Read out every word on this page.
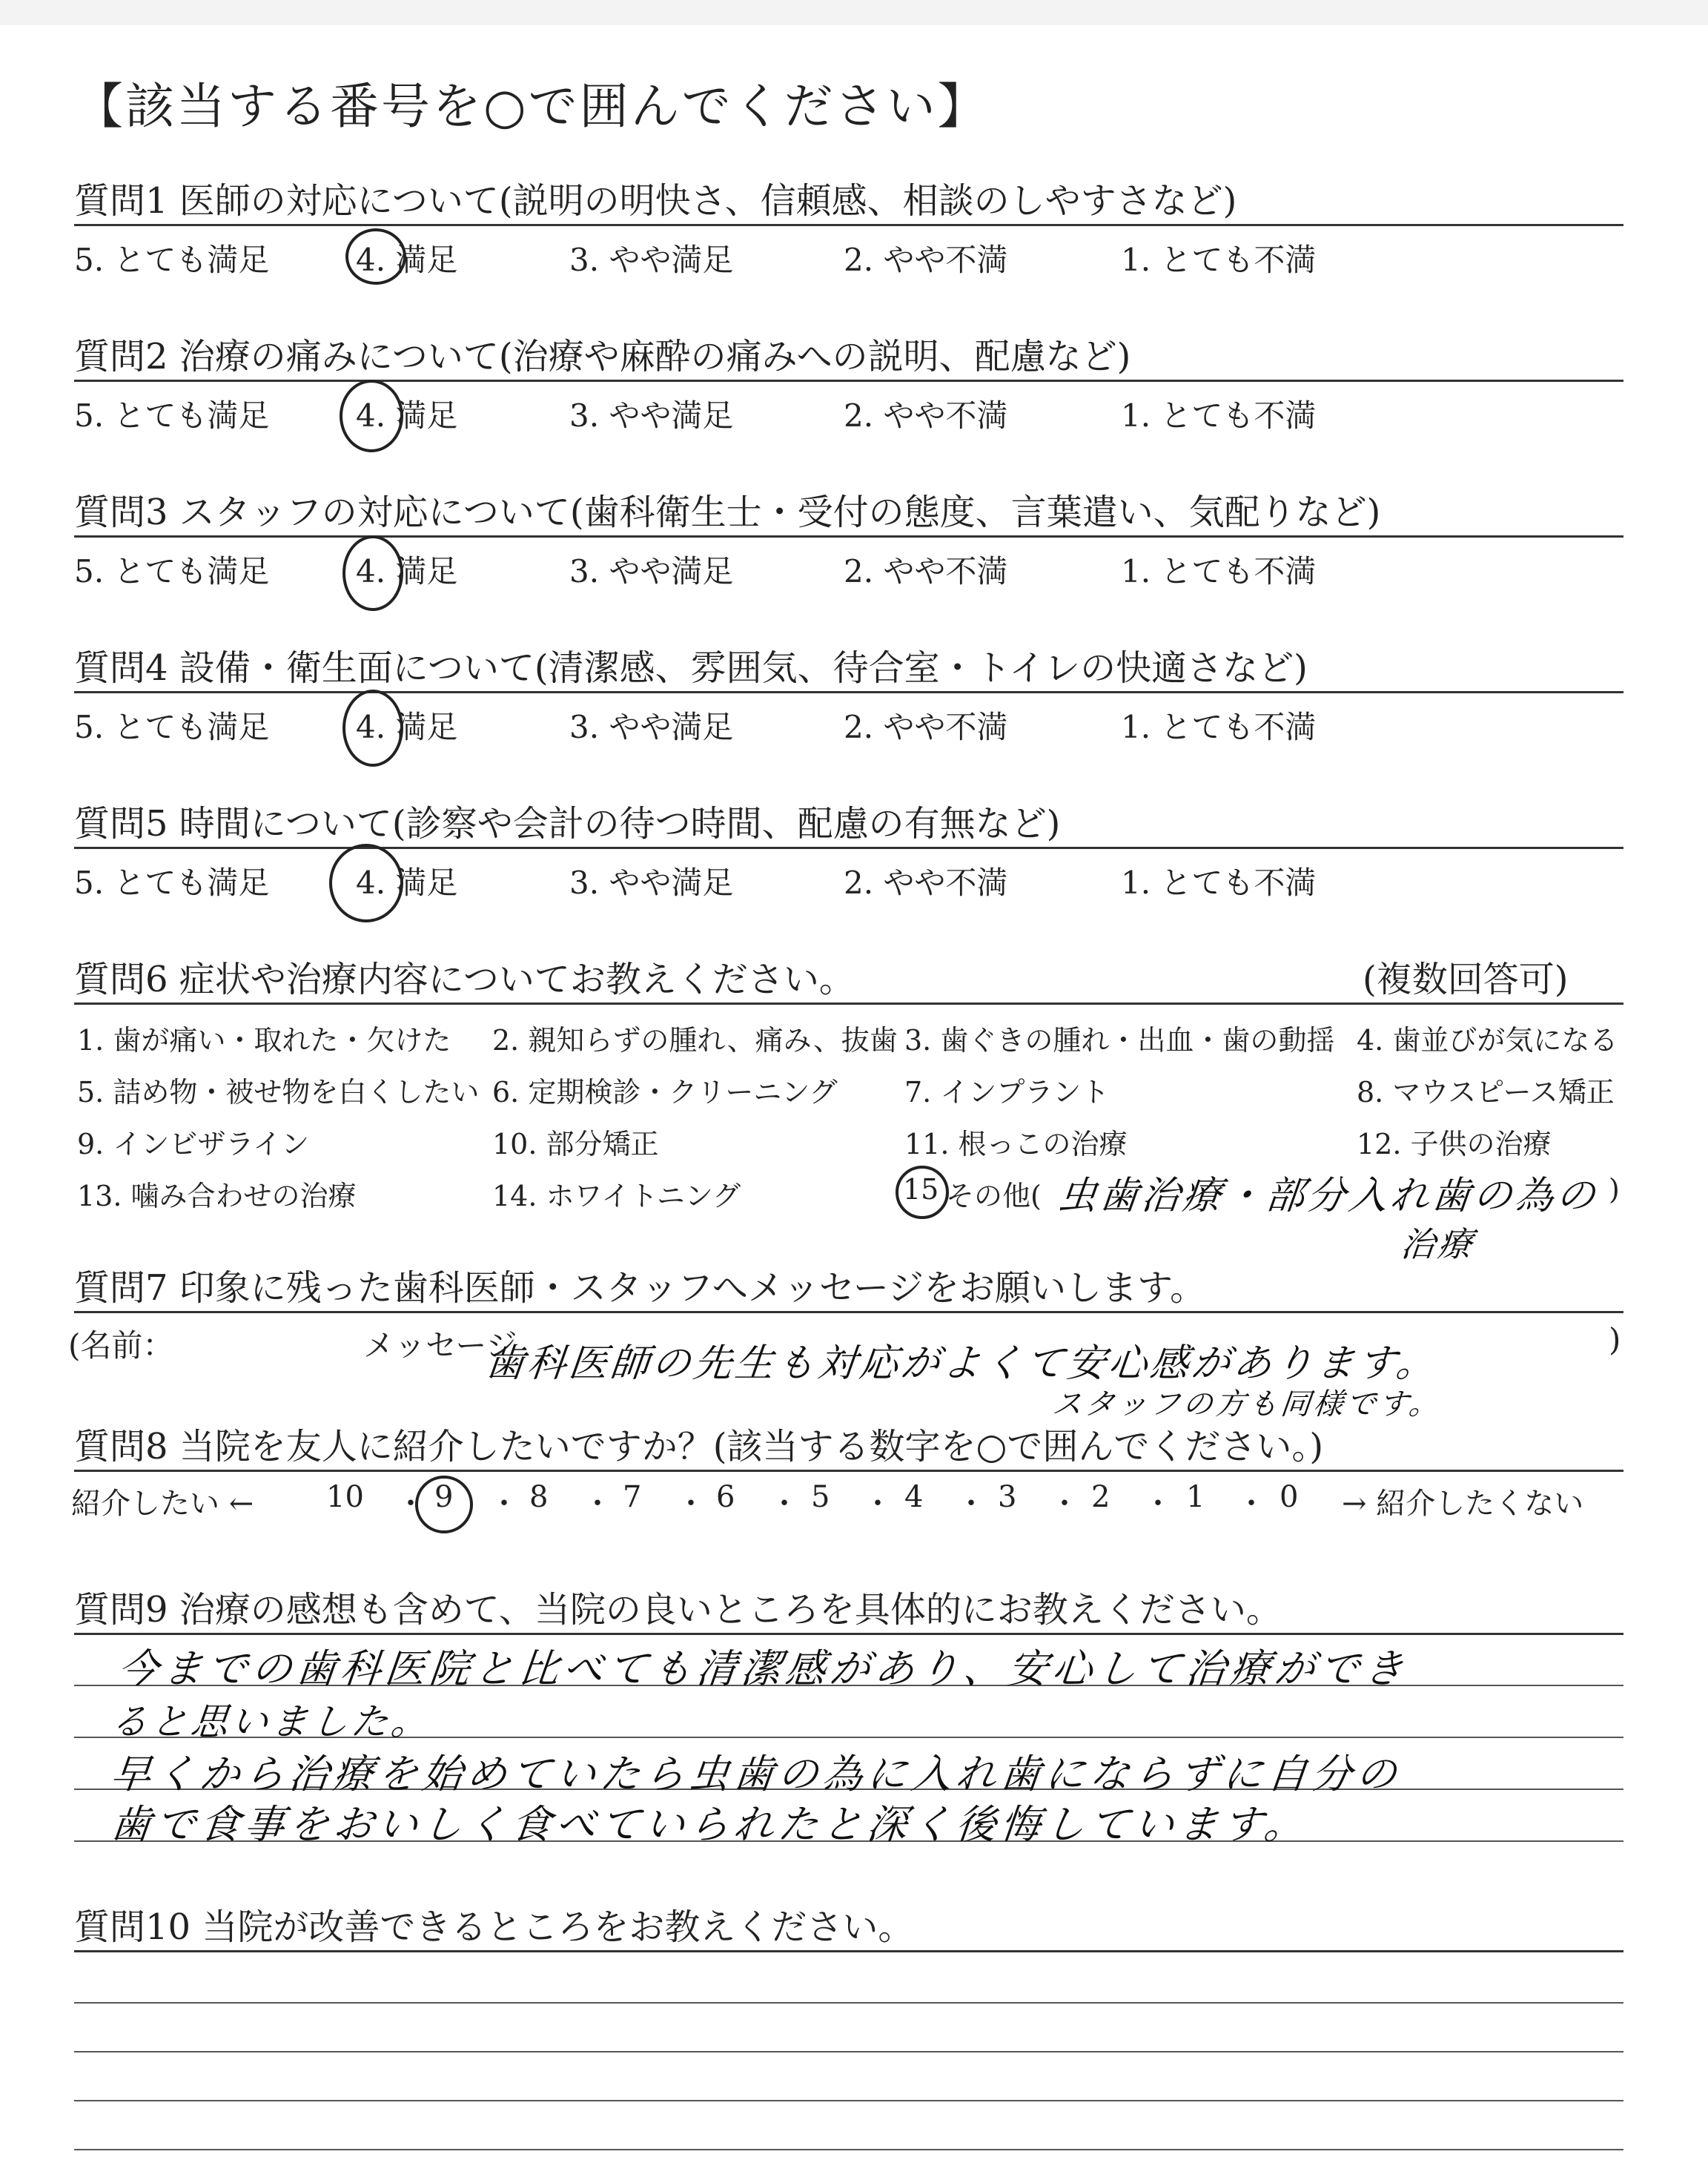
【該当する番号を○で囲んでください】
質問1 医師の対応について(説明の明快さ、信頼感、相談のしやすさなど)
5. とても満足	4. 満足	3. やや満足	2. やや不満	1. とても不満
質問2 治療の痛みについて(治療や麻酔の痛みへの説明、配慮など)
5. とても満足	4. 満足	3. やや満足	2. やや不満	1. とても不満
質問3 スタッフの対応について(歯科衛生士・受付の態度、言葉遣い、気配りなど)
5. とても満足	4. 満足	3. やや満足	2. やや不満	1. とても不満
質問4 設備・衛生面について(清潔感、雰囲気、待合室・トイレの快適さなど)
5. とても満足	4. 満足	3. やや満足	2. やや不満	1. とても不満
質問5 時間について(診察や会計の待つ時間、配慮の有無など)
5. とても満足	4. 満足	3. やや満足	2. やや不満	1. とても不満
質問6 症状や治療内容についてお教えください。	(複数回答可)
1. 歯が痛い・取れた・欠けた 2. 親知らずの腫れ、痛み、抜歯 3. 歯ぐきの腫れ・出血・歯の動揺 4. 歯並びが気になる
5. 詰め物・被せ物を白くしたい 6. 定期検診・クリーニング 7. インプラント	8. マウスピース矯正
9. インビザライン	10. 部分矯正	11. 根っこの治療	12. 子供の治療
13. 噛み合わせの治療	14. ホワイトニング	15 その他( 虫歯治療・部分入れ歯の為の
治療
)
質問7 印象に残った歯科医師・スタッフへメッセージをお願いします。
(名前：	メッセージ	)
歯科医師の先生も対応がよくて安心感があります。
スタッフの方も同様です。
質問8 当院を友人に紹介したいですか？(該当する数字を○で囲んでください。)
紹介したい ←	→ 紹介したくない
10 ・ 9 ・ 8 ・ 7 ・ 6 ・ 5 ・ 4 ・ 3 ・ 2 ・ 1 ・ 0
質問9 治療の感想も含めて、当院の良いところを具体的にお教えください。
今までの歯科医院と比べても清潔感があり、安心して治療ができ
ると思いました。
早くから治療を始めていたら虫歯の為に入れ歯にならずに自分の
歯で食事をおいしく食べていられたと深く後悔しています。
質問10 当院が改善できるところをお教えください。
